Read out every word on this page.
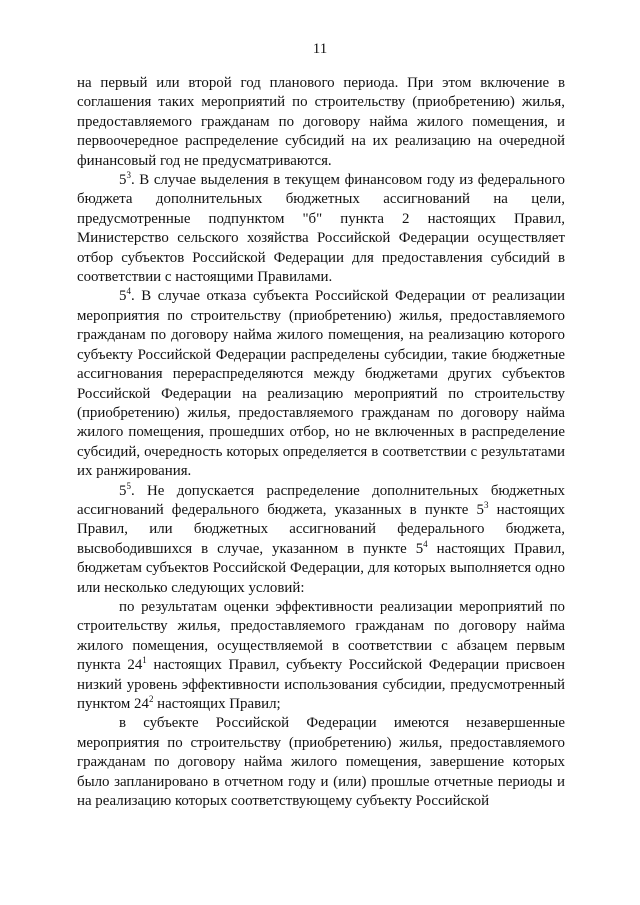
11

на первый или второй год планового периода. При этом включение в соглашения таких мероприятий по строительству (приобретению) жилья, предоставляемого гражданам по договору найма жилого помещения, и первоочередное распределение субсидий на их реализацию на очередной финансовый год не предусматриваются.

$5^3$. В случае выделения в текущем финансовом году из федерального бюджета дополнительных бюджетных ассигнований на цели, предусмотренные подпунктом "б" пункта 2 настоящих Правил, Министерство сельского хозяйства Российской Федерации осуществляет отбор субъектов Российской Федерации для предоставления субсидий в соответствии с настоящими Правилами.

$5^4$. В случае отказа субъекта Российской Федерации от реализации мероприятия по строительству (приобретению) жилья, предоставляемого гражданам по договору найма жилого помещения, на реализацию которого субъекту Российской Федерации распределены субсидии, такие бюджетные ассигнования перераспределяются между бюджетами других субъектов Российской Федерации на реализацию мероприятий по строительству (приобретению) жилья, предоставляемого гражданам по договору найма жилого помещения, прошедших отбор, но не включенных в распределение субсидий, очередность которых определяется в соответствии с результатами их ранжирования.

$5^5$. Не допускается распределение дополнительных бюджетных ассигнований федерального бюджета, указанных в пункте $5^3$ настоящих Правил, или бюджетных ассигнований федерального бюджета, высвободившихся в случае, указанном в пункте $5^4$ настоящих Правил, бюджетам субъектов Российской Федерации, для которых выполняется одно или несколько следующих условий:

по результатам оценки эффективности реализации мероприятий по строительству жилья, предоставляемого гражданам по договору найма жилого помещения, осуществляемой в соответствии с абзацем первым пункта $24^1$ настоящих Правил, субъекту Российской Федерации присвоен низкий уровень эффективности использования субсидии, предусмотренный пунктом $24^2$ настоящих Правил;

в субъекте Российской Федерации имеются незавершенные мероприятия по строительству (приобретению) жилья, предоставляемого гражданам по договору найма жилого помещения, завершение которых было запланировано в отчетном году и (или) прошлые отчетные периоды и на реализацию которых соответствующему субъекту Российской
